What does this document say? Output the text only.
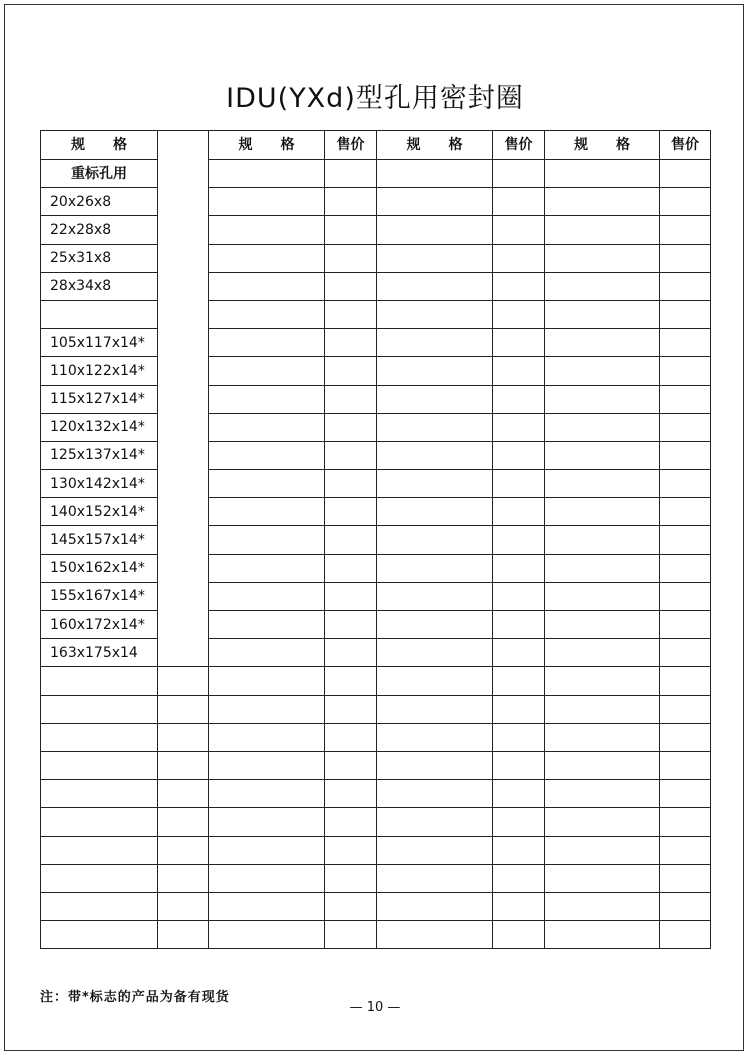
IDU(YXd)型孔用密封圈
规　　格		规　　格	售价	规　　格	售价	规　　格	售价
重标孔用							
20x26x8							
22x28x8							
25x31x8							
28x34x8							

105x117x14*							
110x122x14*							
115x127x14*							
120x132x14*							
125x137x14*							
130x142x14*							
140x152x14*							
145x157x14*							
150x162x14*							
155x167x14*							
160x172x14*							
163x175x14							

注：带*标志的产品为备有现货
— 10 —
